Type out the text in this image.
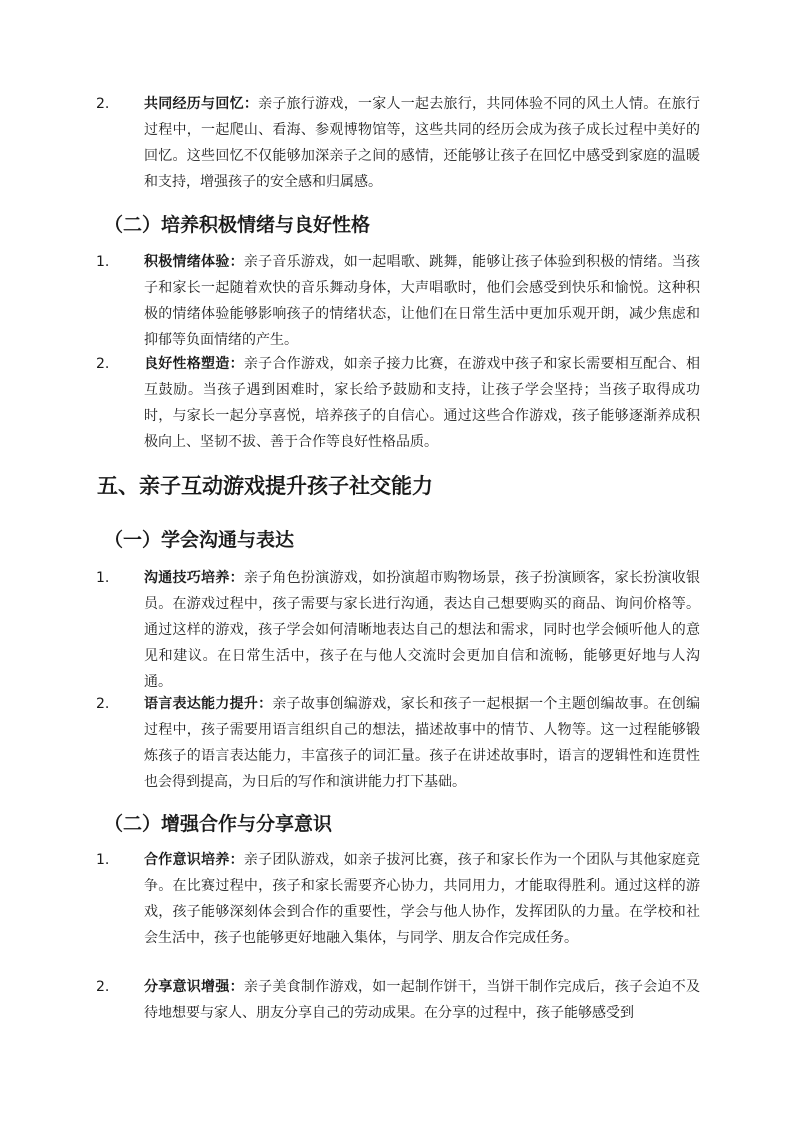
2. 共同经历与回忆：亲子旅行游戏，一家人一起去旅行，共同体验不同的风土人情。在旅行过程中，一起爬山、看海、参观博物馆等，这些共同的经历会成为孩子成长过程中美好的回忆。这些回忆不仅能够加深亲子之间的感情，还能够让孩子在回忆中感受到家庭的温暖和支持，增强孩子的安全感和归属感。
（二）培养积极情绪与良好性格
1. 积极情绪体验：亲子音乐游戏，如一起唱歌、跳舞，能够让孩子体验到积极的情绪。当孩子和家长一起随着欢快的音乐舞动身体，大声唱歌时，他们会感受到快乐和愉悦。这种积极的情绪体验能够影响孩子的情绪状态，让他们在日常生活中更加乐观开朗，减少焦虑和抑郁等负面情绪的产生。
2. 良好性格塑造：亲子合作游戏，如亲子接力比赛，在游戏中孩子和家长需要相互配合、相互鼓励。当孩子遇到困难时，家长给予鼓励和支持，让孩子学会坚持；当孩子取得成功时，与家长一起分享喜悦，培养孩子的自信心。通过这些合作游戏，孩子能够逐渐养成积极向上、坚韧不拔、善于合作等良好性格品质。
五、亲子互动游戏提升孩子社交能力
（一）学会沟通与表达
1. 沟通技巧培养：亲子角色扮演游戏，如扮演超市购物场景，孩子扮演顾客，家长扮演收银员。在游戏过程中，孩子需要与家长进行沟通，表达自己想要购买的商品、询问价格等。通过这样的游戏，孩子学会如何清晰地表达自己的想法和需求，同时也学会倾听他人的意见和建议。在日常生活中，孩子在与他人交流时会更加自信和流畅，能够更好地与人沟通。
2. 语言表达能力提升：亲子故事创编游戏，家长和孩子一起根据一个主题创编故事。在创编过程中，孩子需要用语言组织自己的想法，描述故事中的情节、人物等。这一过程能够锻炼孩子的语言表达能力，丰富孩子的词汇量。孩子在讲述故事时，语言的逻辑性和连贯性也会得到提高，为日后的写作和演讲能力打下基础。
（二）增强合作与分享意识
1. 合作意识培养：亲子团队游戏，如亲子拔河比赛，孩子和家长作为一个团队与其他家庭竞争。在比赛过程中，孩子和家长需要齐心协力，共同用力，才能取得胜利。通过这样的游戏，孩子能够深刻体会到合作的重要性，学会与他人协作，发挥团队的力量。在学校和社会生活中，孩子也能够更好地融入集体，与同学、朋友合作完成任务。
2. 分享意识增强：亲子美食制作游戏，如一起制作饼干，当饼干制作完成后，孩子会迫不及待地想要与家人、朋友分享自己的劳动成果。在分享的过程中，孩子能够感受到
